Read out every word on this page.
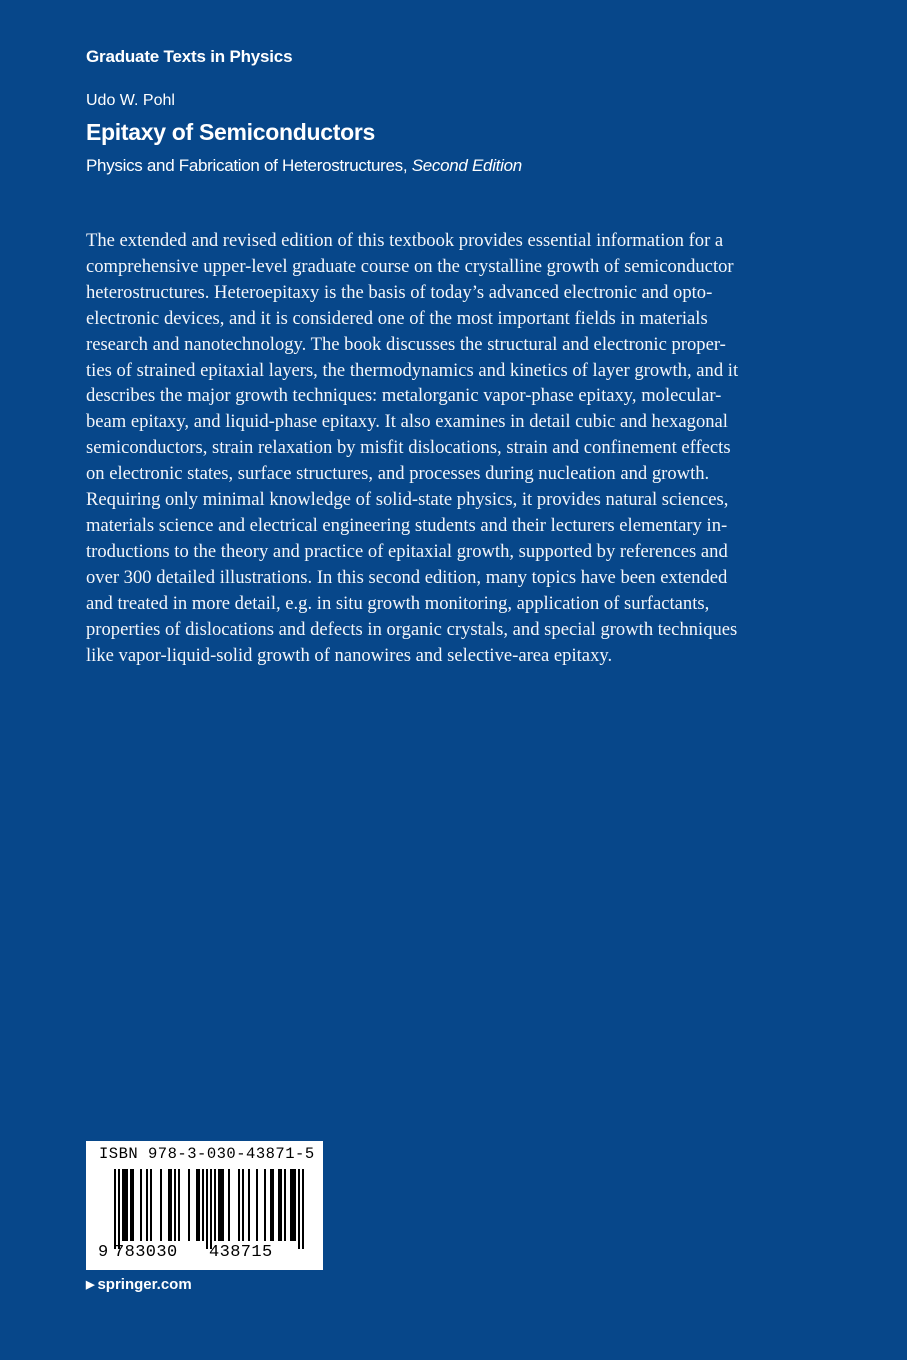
Graduate Texts in Physics
Udo W. Pohl
Epitaxy of Semiconductors
Physics and Fabrication of Heterostructures, Second Edition
The extended and revised edition of this textbook provides essential information for a
comprehensive upper-level graduate course on the crystalline growth of semiconductor
heterostructures. Heteroepitaxy is the basis of today’s advanced electronic and opto-
electronic devices, and it is considered one of the most important fields in materials
research and nanotechnology. The book discusses the structural and electronic proper-
ties of strained epitaxial layers, the thermodynamics and kinetics of layer growth, and it
describes the major growth techniques: metalorganic vapor-phase epitaxy, molecular-
beam epitaxy, and liquid-phase epitaxy. It also examines in detail cubic and hexagonal
semiconductors, strain relaxation by misfit dislocations, strain and confinement effects
on electronic states, surface structures, and processes during nucleation and growth.
Requiring only minimal knowledge of solid-state physics, it provides natural sciences,
materials science and electrical engineering students and their lecturers elementary in-
troductions to the theory and practice of epitaxial growth, supported by references and
over 300 detailed illustrations. In this second edition, many topics have been extended
and treated in more detail, e.g. in situ growth monitoring, application of surfactants,
properties of dislocations and defects in organic crystals, and special growth techniques
like vapor-liquid-solid growth of nanowires and selective-area epitaxy.
ISBN 978-3-030-43871-5
9 783030	438715
▶ springer.com
